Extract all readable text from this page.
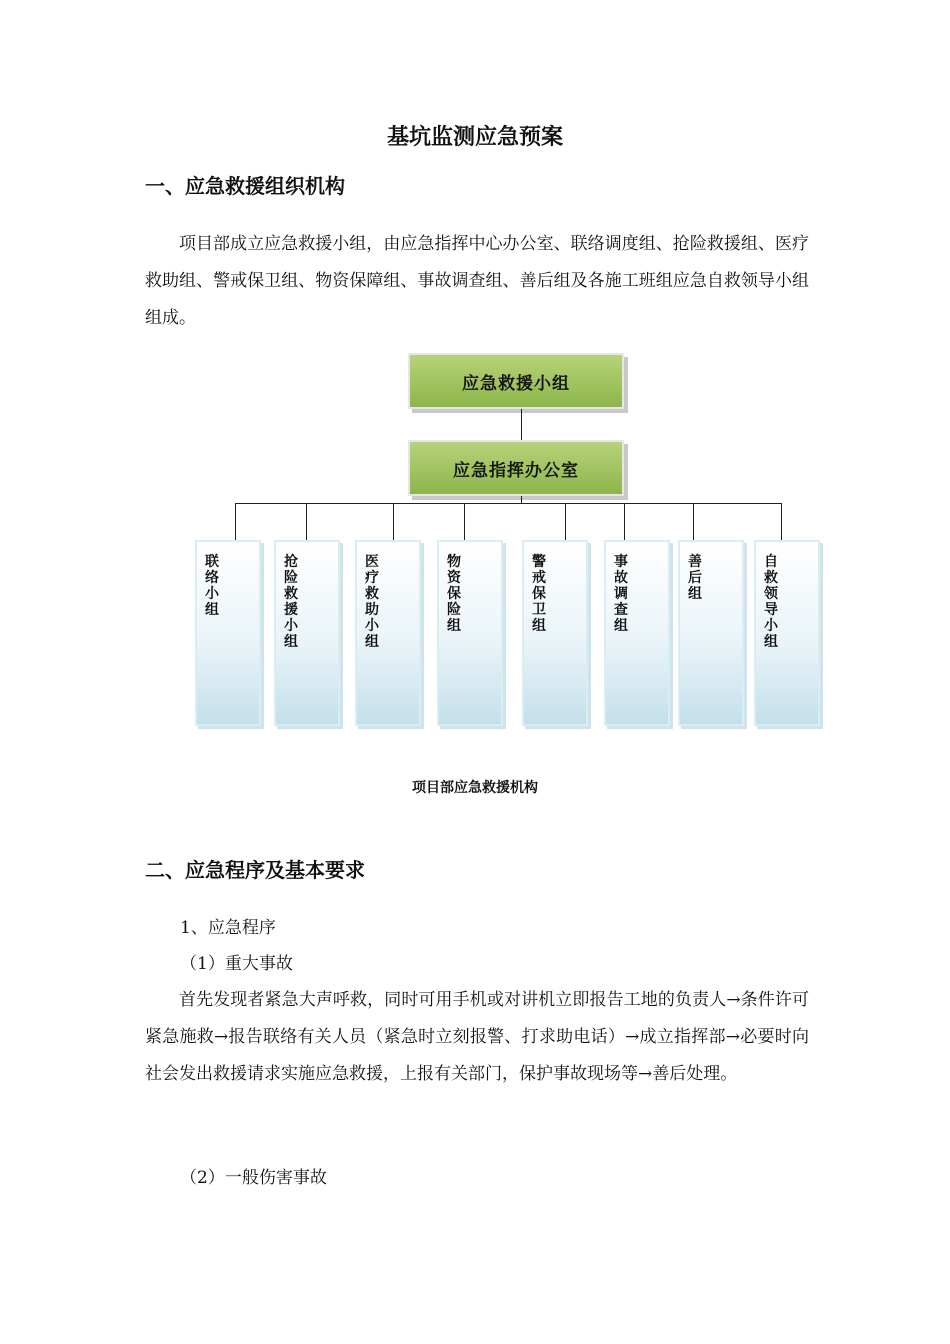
基坑监测应急预案
一、应急救援组织机构

项目部成立应急救援小组，由应急指挥中心办公室、联络调度组、抢险救援组、医疗救助组、警戒保卫组、物资保障组、事故调查组、善后组及各施工班组应急自救领导小组组成。

应急救援小组
应急指挥办公室
联络小组
抢险救援小组
医疗救助小组
物资保险组
警戒保卫组
事故调查组
善后组
自救领导小组
项目部应急救援机构
二、应急程序及基本要求

1、应急程序

（1）重大事故

首先发现者紧急大声呼救，同时可用手机或对讲机立即报告工地的负责人→条件许可紧急施救→报告联络有关人员（紧急时立刻报警、打求助电话）→成立指挥部→必要时向社会发出救援请求实施应急救援，上报有关部门，保护事故现场等→善后处理。

（2）一般伤害事故
